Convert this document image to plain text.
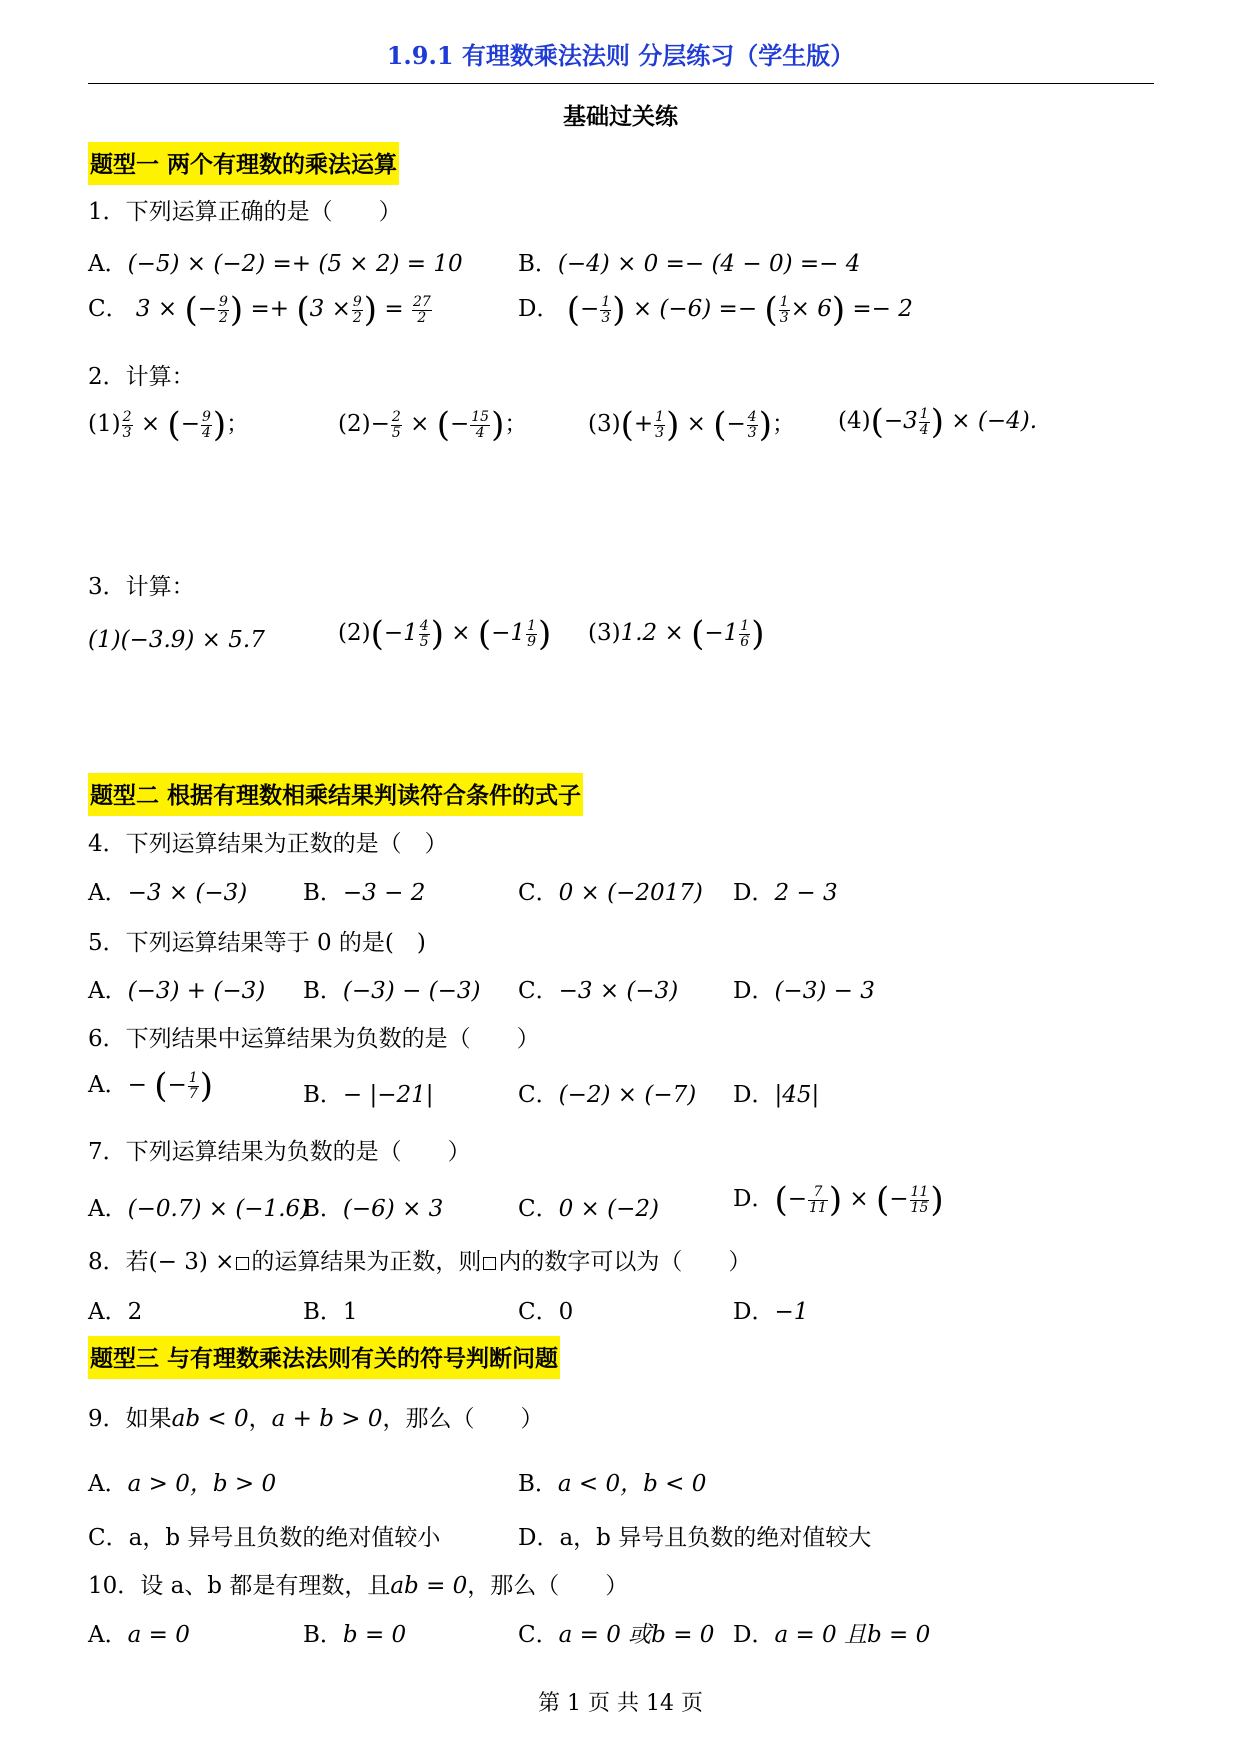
1.9.1 有理数乘法法则 分层练习（学生版）
基础过关练
题型一 两个有理数的乘法运算
1．下列运算正确的是（　　）
A．(−5) × (−2) =+ (5 × 2) = 10 B．(−4) × 0 =− (4 − 0) =− 4
C． 3 × (− $\frac{9}{2}$ ) =+ ($3 \times \frac{9}{2}$ ) = $\frac{27}{2}$	D． (− $\frac{1}{3}$ ) × (−6) =− ( $\frac{1}{3} \times 6) =- 2$
2．计算：
$(1) \frac{2}{3}$ × (− $\frac{9}{4}$ )；	$(2)- \frac{2}{5}$ × (− $\frac{15}{4}$ )；	$(3)(+ \frac{1}{3}$ ) × (− $\frac{4}{3}$ )； $(4)(-3 \frac{1}{4}$ ) × (−4).
3．计算：
(1)(−3.9) × 5.7	$(2)(-1 \frac{4}{5}$ ) × ($-1 \frac{1}{9}$ ) $(3)1.2 \times (-1 \frac{1}{6}$ )
题型二 根据有理数相乘结果判读符合条件的式子
4．下列运算结果为正数的是（　）
A．−3 × (−3) B．−3 − 2	C．0 × (−2017) D．2 − 3
5．下列运算结果等于 0 的是(　)
A．(−3) + (−3) B．(−3) − (−3) C．−3 × (−3) D．(−3) − 3
6．下列结果中运算结果为负数的是（　　）
A．− (− $\frac{1}{7}$ )	B．− |−21|	C．(−2) × (−7) D．|45|
7．下列运算结果为负数的是（　　）
A．(−0.7) × (−1.6)
B．(−6) × 3	C．0 × (−2)	D．(− $\frac{7}{11}$ ) × (− $\frac{11}{15}$ )
8．若(− 3) × 的运算结果为正数，则 内的数字可以为（　　）
A．2	B．1	C．0	D．−1
题型三 与有理数乘法法则有关的符号判断问题
9．如果ab < 0，a + b > 0，那么（　　）
A．a > 0，b > 0	B．a < 0，b < 0
C．a，b 异号且负数的绝对值较小	D．a，b 异号且负数的绝对值较大
10．设 a、b 都是有理数，且ab = 0，那么（　　）
A．a = 0	B．b = 0	C．a = 0 或b = 0 D．a = 0 且b = 0
第 1 页 共 14 页
